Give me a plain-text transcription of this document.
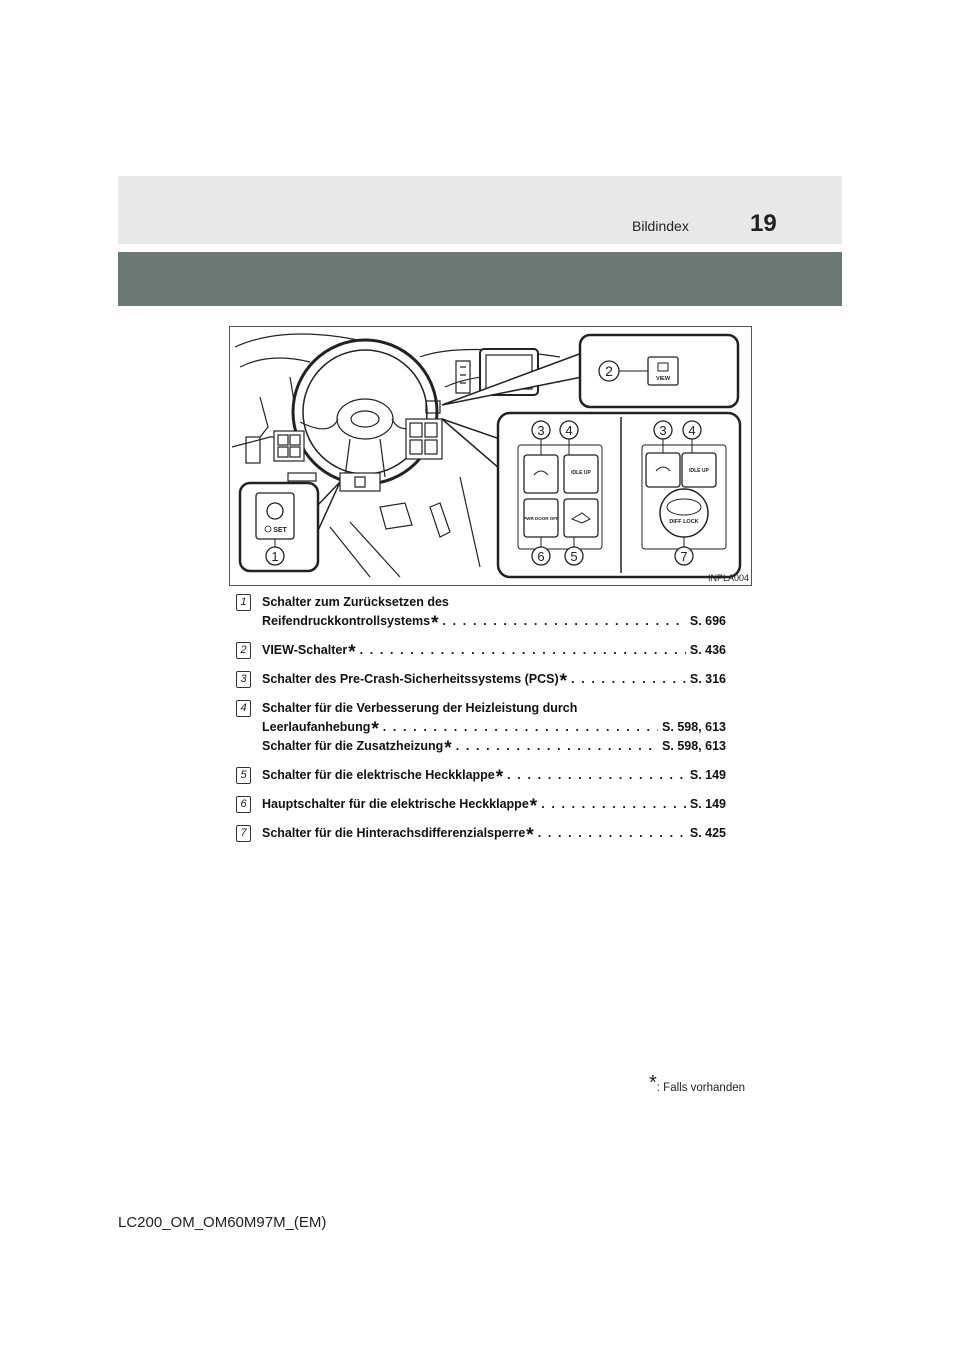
Bildindex	19
2	VIEW
IDLE UP
PWR DOOR OFF
3 4
6 5
IDLE UP
DIFF LOCK
3 4
7
SET
1
INPLA004
1	Schalter zum Zurücksetzen des
Reifendruckkontrollsystems * . . .	S. 696
2	VIEW-Schalter * . . .	S. 436
3	Schalter des Pre-Crash-Sicherheitssystems (PCS) * . . .	S. 316
4	Schalter für die Verbesserung der Heizleistung durch
Leerlaufanhebung * . . .	S. 598, 613
Schalter für die Zusatzheizung * . . .	S. 598, 613
5	Schalter für die elektrische Heckklappe * . . .	S. 149
6	Hauptschalter für die elektrische Heckklappe * . . .	S. 149
7	Schalter für die Hinterachsdifferenzialsperre * . . .	S. 425
*: Falls vorhanden
LC200_OM_OM60M97M_(EM)
